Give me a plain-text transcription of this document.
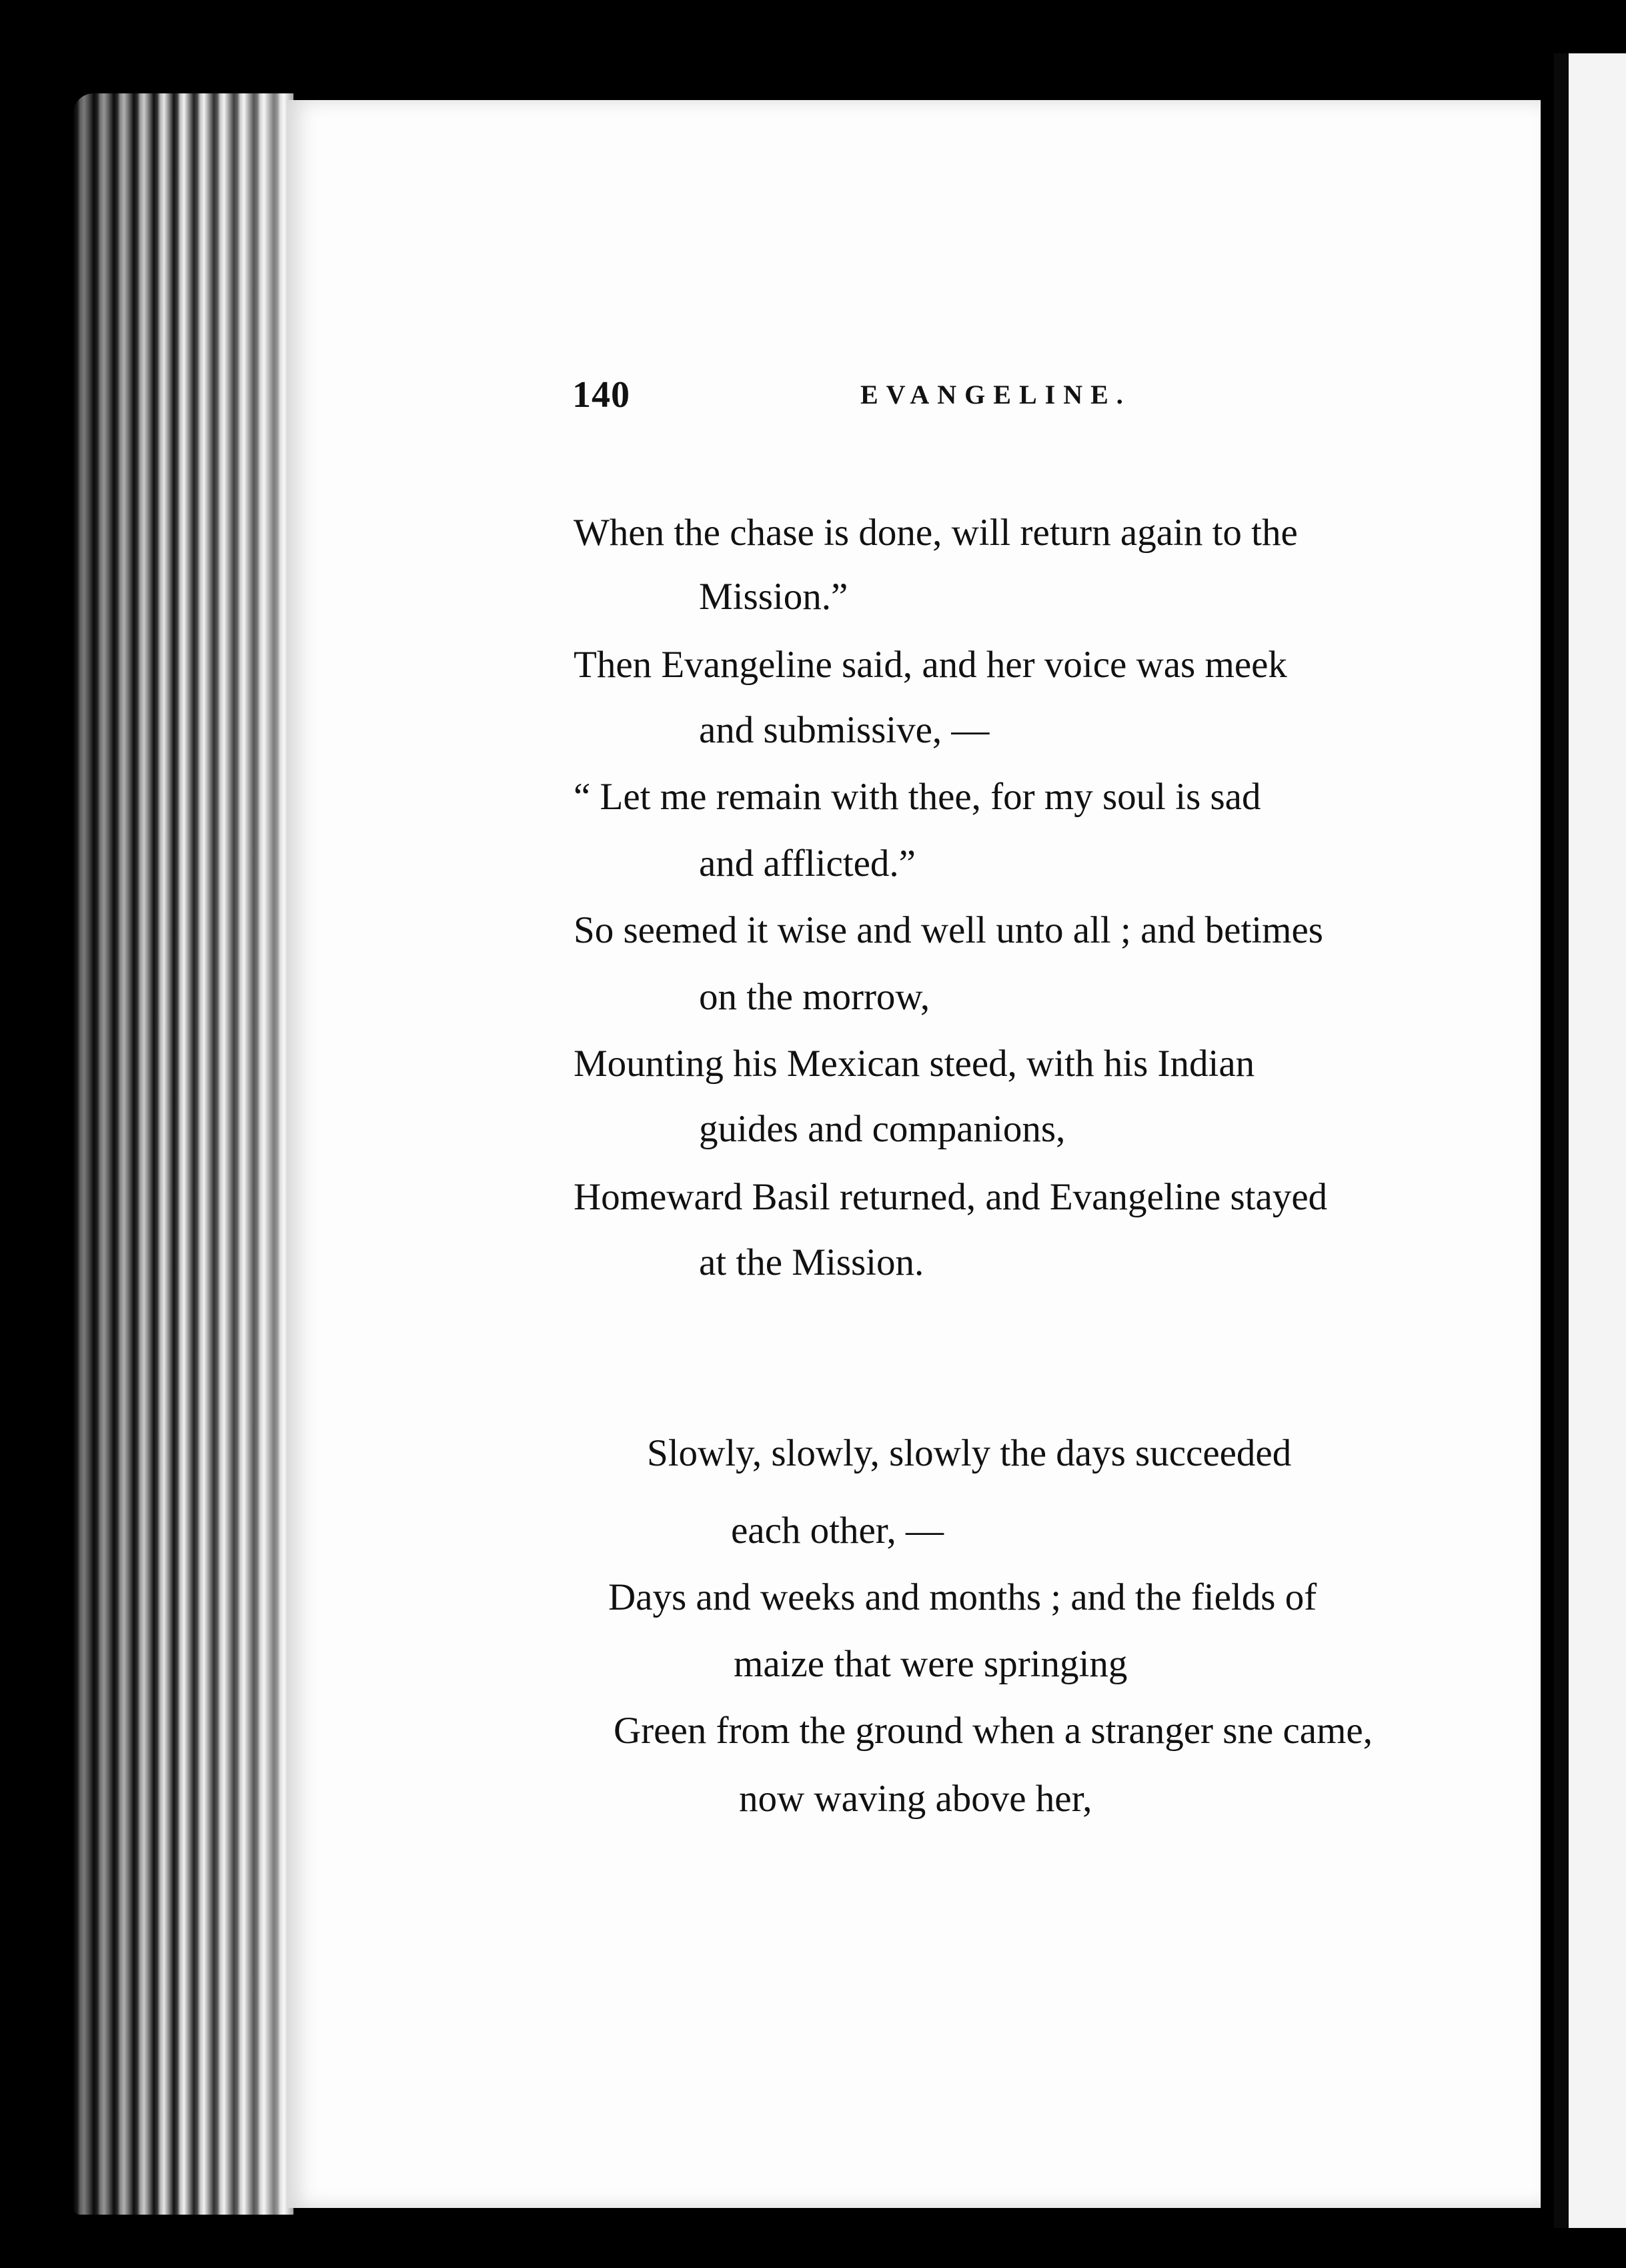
140	EVANGELINE.
When the chase is done, will return again to the
Mission.”
Then Evangeline said, and her voice was meek
and submissive, —
“ Let me remain with thee, for my soul is sad
and afflicted.”
So seemed it wise and well unto all ; and betimes
on the morrow,
Mounting his Mexican steed, with his Indian
guides and companions,
Homeward Basil returned, and Evangeline stayed
at the Mission.
Slowly, slowly, slowly the days succeeded
each other, —
Days and weeks and months ; and the fields of
maize that were springing
Green from the ground when a stranger sne came,
now waving above her,
